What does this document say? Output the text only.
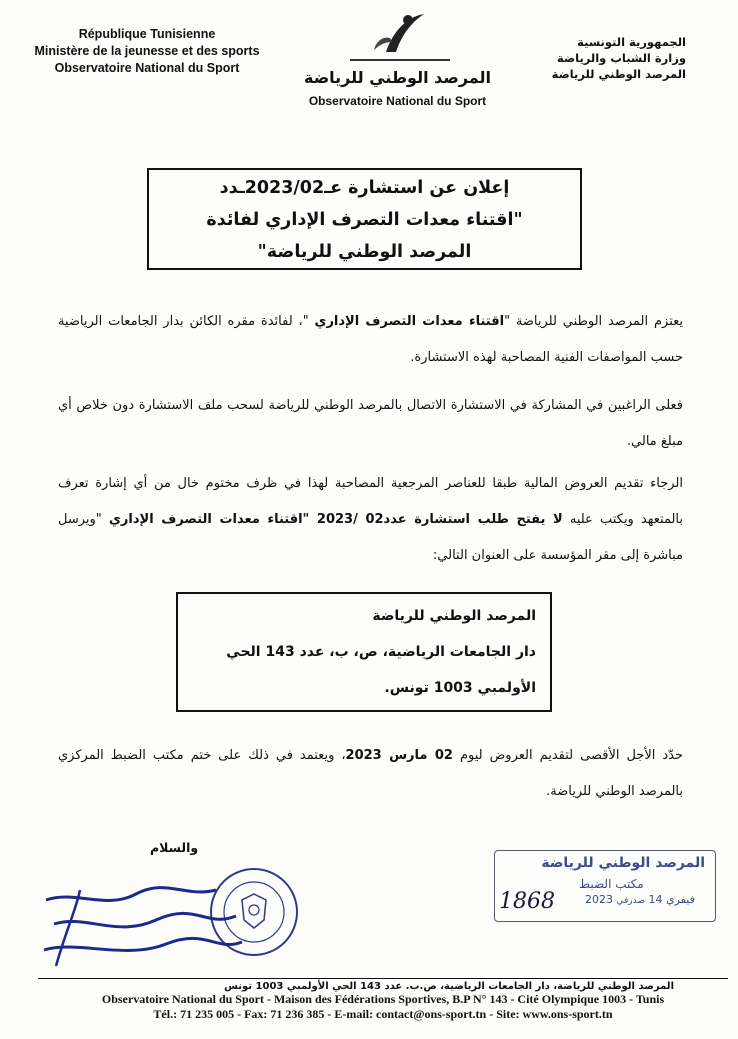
République Tunisienne
Ministère de la jeunesse et des sports
Observatoire National du Sport	المرصد الوطني للرياضة
Observatoire National du Sport
الجمهورية التونسية
وزارة الشباب والرياضة
المرصد الوطني للرياضة
إعلان عن استشارة عـ2023/02ـدد
"اقتناء معدات التصرف الإداري لفائدة
المرصد الوطني للرياضة"
يعتزم المرصد الوطني للرياضة "اقتناء معدات التصرف الإداري "، لفائدة مقره الكائن بدار الجامعات الرياضية حسب المواصفات الفنية المصاحبة لهذه الاستشارة.
فعلى الراغبين في المشاركة في الاستشارة الاتصال بالمرصد الوطني للرياضة لسحب ملف الاستشارة دون خلاص أي مبلغ مالي.
الرجاء تقديم العروض المالية طبقا للعناصر المرجعية المصاحبة لهذا في ظرف مختوم خال من أي إشارة تعرف بالمتعهد ويكتب عليه لا يفتح طلب استشارة عدد02 /2023 "اقتناء معدات التصرف الإداري "ويرسل مباشرة إلى مقر المؤسسة على العنوان التالي:
المرصد الوطني للرياضة
دار الجامعات الرياضية، ص، ب، عدد 143 الحي
الأولمبي 1003 تونس.
حدّد الأجل الأقصى لتقديم العروض ليوم 02 مارس 2023، ويعتمد في ذلك على ختم مكتب الضبط المركزي بالمرصد الوطني للرياضة.
والسلام
المرصد الوطني للرياضة
مكتب الضبط
2023 فيفري 14 صدرفي
1868
المرصد الوطني للرياضة، دار الجامعات الرياضية، ص.ب. عدد 143 الحي الأولمبي 1003 تونس
Observatoire National du Sport - Maison des Fédérations Sportives, B.P N° 143 - Cité Olympique 1003 - Tunis
Tél.: 71 235 005 - Fax: 71 236 385 - E-mail: contact@ons-sport.tn - Site: www.ons-sport.tn
